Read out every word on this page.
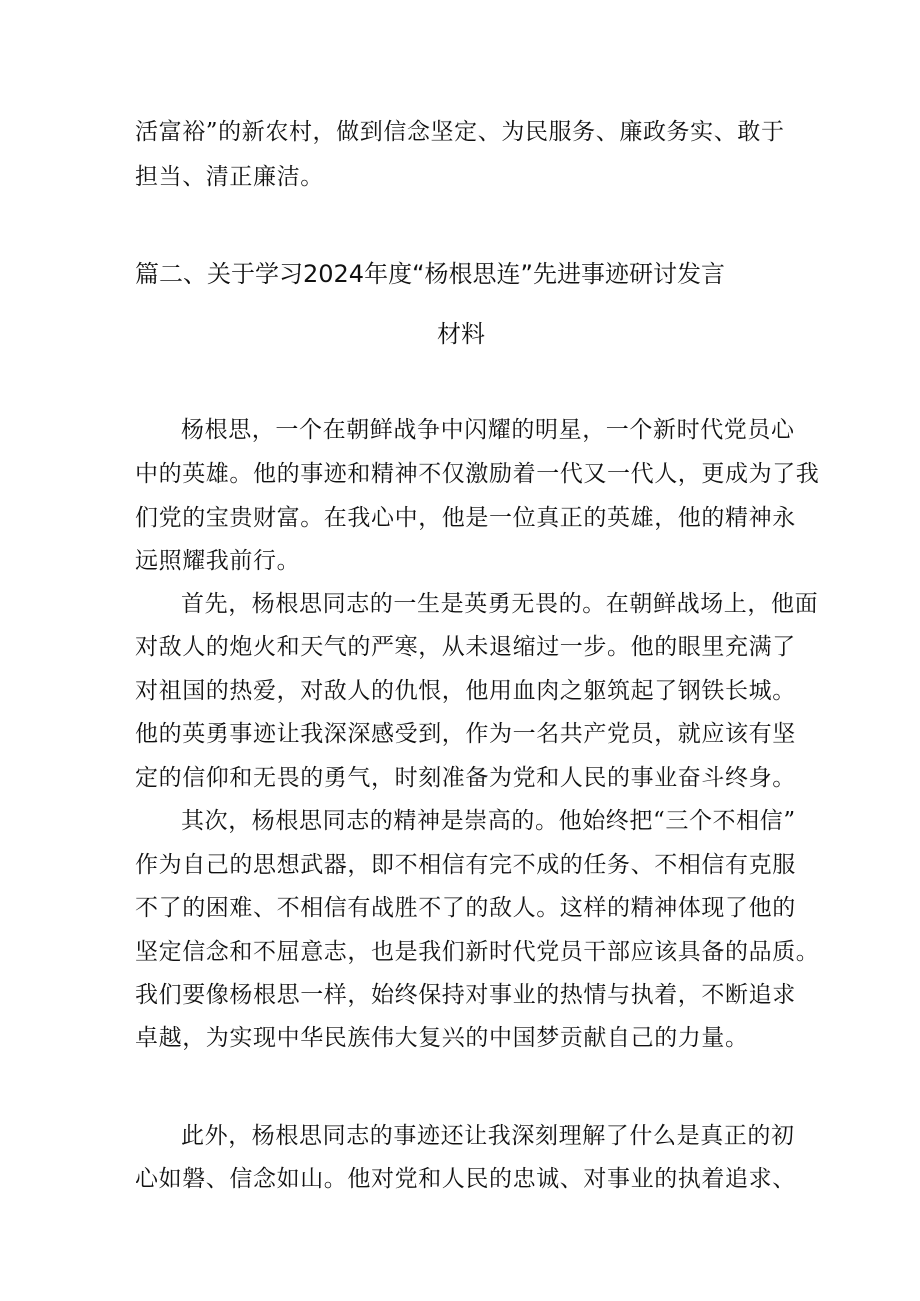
活富裕”的新农村，做到信念坚定、为民服务、廉政务实、敢于
担当、清正廉洁。
篇二、关于学习2024年度“杨根思连”先进事迹研讨发言
材料
杨根思，一个在朝鲜战争中闪耀的明星，一个新时代党员心
中的英雄。他的事迹和精神不仅激励着一代又一代人，更成为了我
们党的宝贵财富。在我心中，他是一位真正的英雄，他的精神永
远照耀我前行。
首先，杨根思同志的一生是英勇无畏的。在朝鲜战场上，他面
对敌人的炮火和天气的严寒，从未退缩过一步。他的眼里充满了
对祖国的热爱，对敌人的仇恨，他用血肉之躯筑起了钢铁长城。
他的英勇事迹让我深深感受到，作为一名共产党员，就应该有坚
定的信仰和无畏的勇气，时刻准备为党和人民的事业奋斗终身。
其次，杨根思同志的精神是崇高的。他始终把“三个不相信”
作为自己的思想武器，即不相信有完不成的任务、不相信有克服
不了的困难、不相信有战胜不了的敌人。这样的精神体现了他的
坚定信念和不屈意志，也是我们新时代党员干部应该具备的品质。
我们要像杨根思一样，始终保持对事业的热情与执着，不断追求
卓越，为实现中华民族伟大复兴的中国梦贡献自己的力量。
此外，杨根思同志的事迹还让我深刻理解了什么是真正的初
心如磐、信念如山。他对党和人民的忠诚、对事业的执着追求、
